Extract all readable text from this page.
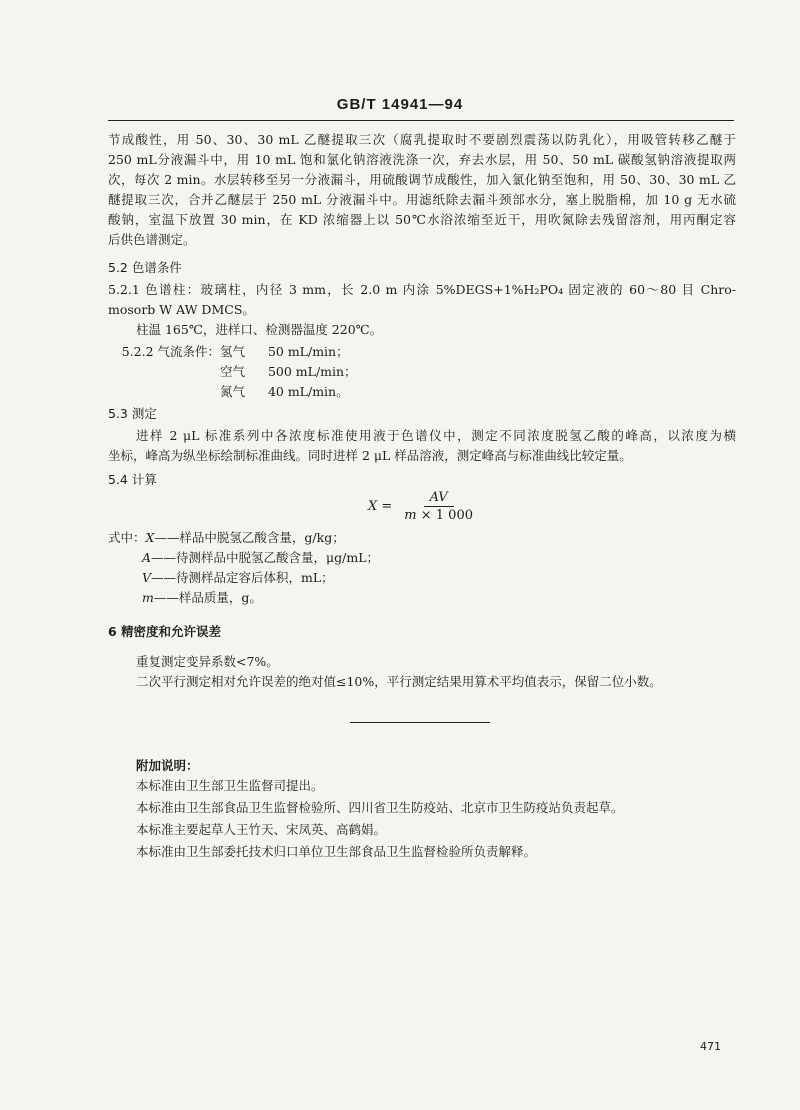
GB/T 14941—94
节成酸性，用 50、30、30 mL 乙醚提取三次（腐乳提取时不要剧烈震荡以防乳化），用吸管转移乙醚于
250 mL分液漏斗中，用 10 mL 饱和氯化钠溶液洗涤一次，弃去水层，用 50、50 mL 碳酸氢钠溶液提取两
次，每次 2 min。水层转移至另一分液漏斗，用硫酸调节成酸性，加入氯化钠至饱和，用 50、30、30 mL 乙
醚提取三次，合并乙醚层于 250 mL 分液漏斗中。用滤纸除去漏斗颈部水分，塞上脱脂棉，加 10 g 无水硫
酸钠，室温下放置 30 min，在 KD 浓缩器上以 50℃水浴浓缩至近干，用吹氮除去残留溶剂，用丙酮定容
后供色谱测定。
5.2 色谱条件
5.2.1 色谱柱：玻璃柱，内径 3 mm，长 2.0 m 内涂 5%DEGS+1%H₂PO₄ 固定液的 60～80 目 Chro-
mosorb W AW DMCS。
柱温 165℃，进样口、检测器温度 220℃。
5.2.2 气流条件：氢气 50 mL/min；
空气 500 mL/min；
氮气 40 mL/min。
5.3 测定
进样 2 μL 标准系列中各浓度标准使用液于色谱仪中，测定不同浓度脱氢乙酸的峰高，以浓度为横
坐标，峰高为纵坐标绘制标准曲线。同时进样 2 μL 样品溶液，测定峰高与标准曲线比较定量。
5.4 计算
$X = \frac{AV}{m \times 1 000}$
式中：X——样品中脱氢乙酸含量，g/kg；
A——待测样品中脱氢乙酸含量，μg/mL；
V——待测样品定容后体积，mL；
m——样品质量，g。
6 精密度和允许误差
重复测定变异系数<7%。
二次平行测定相对允许误差的绝对值≤10%，平行测定结果用算术平均值表示，保留二位小数。
附加说明：
本标准由卫生部卫生监督司提出。
本标准由卫生部食品卫生监督检验所、四川省卫生防疫站、北京市卫生防疫站负责起草。
本标准主要起草人王竹天、宋凤英、高鹤娟。
本标准由卫生部委托技术归口单位卫生部食品卫生监督检验所负责解释。
471
